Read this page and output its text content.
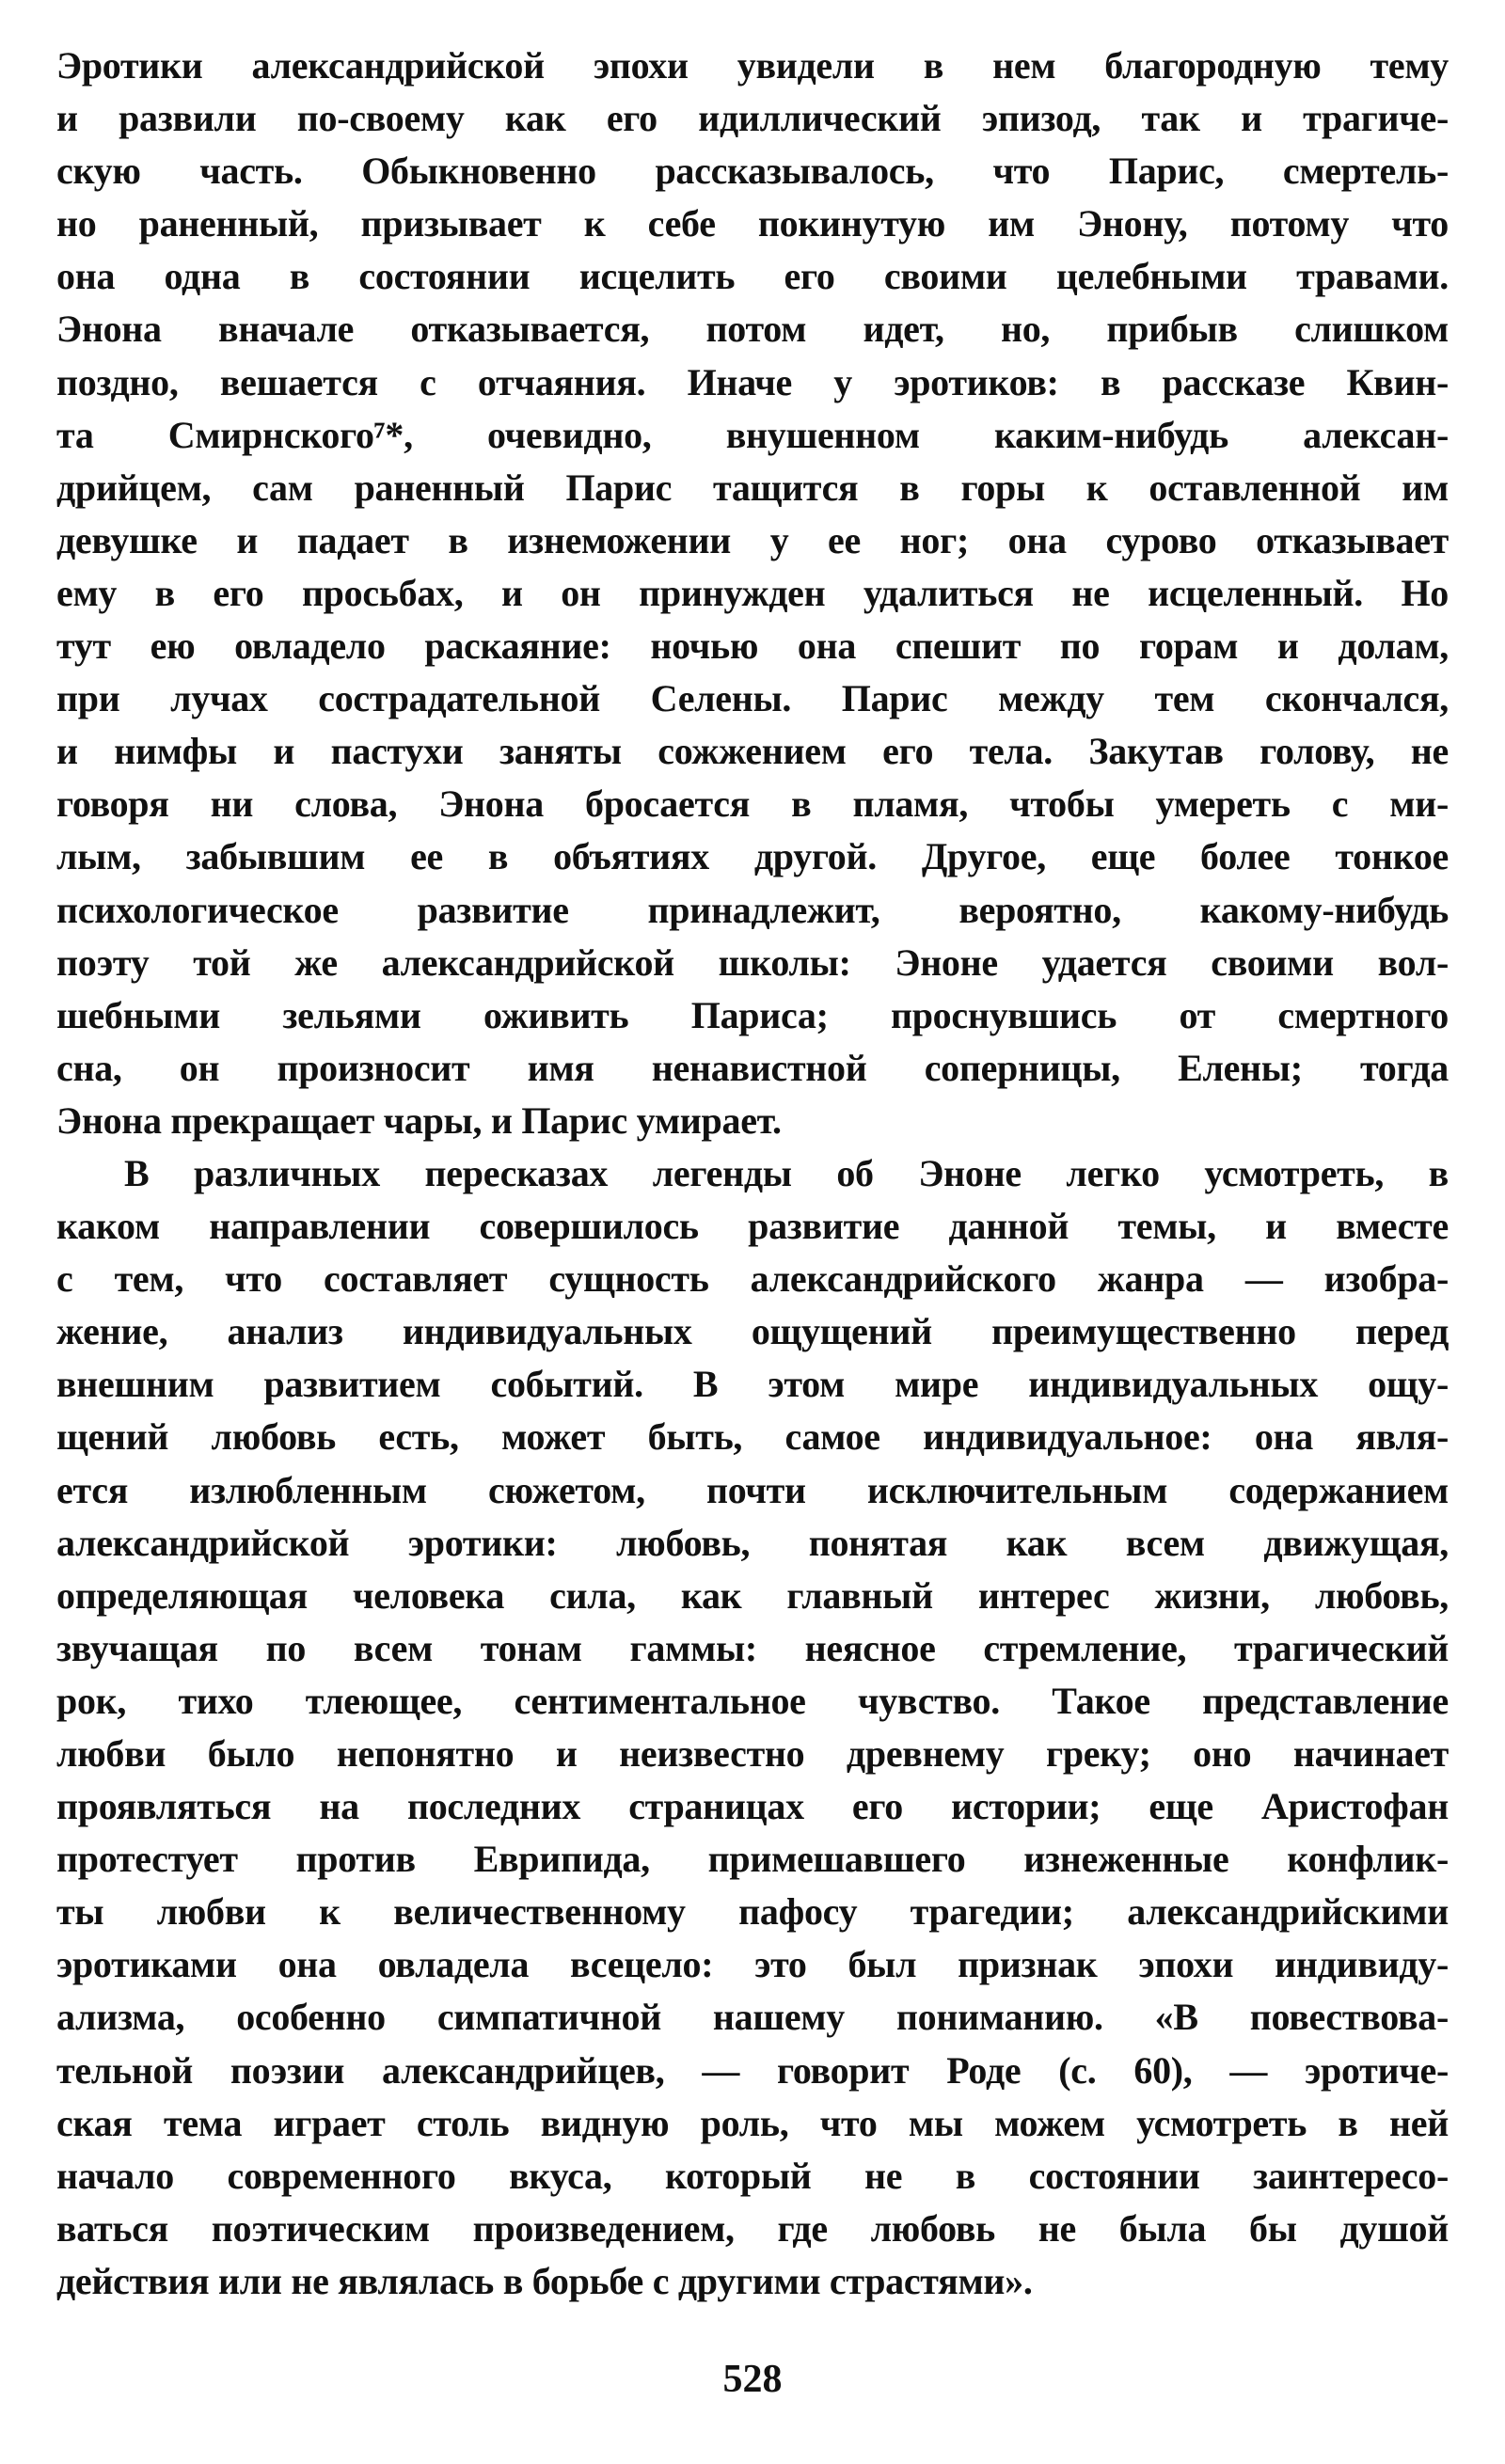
Эротики александрийской эпохи увидели в нем благородную тему
и развили по-своему как его идиллический эпизод, так и трагиче-
скую часть. Обыкновенно рассказывалось, что Парис, смертель-
но раненный, призывает к себе покинутую им Энону, потому что
она одна в состоянии исцелить его своими целебными травами.
Энона вначале отказывается, потом идет, но, прибыв слишком
поздно, вешается с отчаяния. Иначе у эротиков: в рассказе Квин-
та Смирнского⁷*, очевидно, внушенном каким-нибудь алексан-
дрийцем, сам раненный Парис тащится в горы к оставленной им
девушке и падает в изнеможении у ее ног; она сурово отказывает
ему в его просьбах, и он принужден удалиться не исцеленный. Но
тут ею овладело раскаяние: ночью она спешит по горам и долам,
при лучах сострадательной Селены. Парис между тем скончался,
и нимфы и пастухи заняты сожжением его тела. Закутав голову, не
говоря ни слова, Энона бросается в пламя, чтобы умереть с ми-
лым, забывшим ее в объятиях другой. Другое, еще более тонкое
психологическое развитие принадлежит, вероятно, какому-нибудь
поэту той же александрийской школы: Эноне удается своими вол-
шебными зельями оживить Париса; проснувшись от смертного
сна, он произносит имя ненавистной соперницы, Елены; тогда
Энона прекращает чары, и Парис умирает.
В различных пересказах легенды об Эноне легко усмотреть, в
каком направлении совершилось развитие данной темы, и вместе
с тем, что составляет сущность александрийского жанра — изобра-
жение, анализ индивидуальных ощущений преимущественно перед
внешним развитием событий. В этом мире индивидуальных ощу-
щений любовь есть, может быть, самое индивидуальное: она явля-
ется излюбленным сюжетом, почти исключительным содержанием
александрийской эротики: любовь, понятая как всем движущая,
определяющая человека сила, как главный интерес жизни, любовь,
звучащая по всем тонам гаммы: неясное стремление, трагический
рок, тихо тлеющее, сентиментальное чувство. Такое представление
любви было непонятно и неизвестно древнему греку; оно начинает
проявляться на последних страницах его истории; еще Аристофан
протестует против Еврипида, примешавшего изнеженные конфлик-
ты любви к величественному пафосу трагедии; александрийскими
эротиками она овладела всецело: это был признак эпохи индивиду-
ализма, особенно симпатичной нашему пониманию. «В повествова-
тельной поэзии александрийцев, — говорит Роде (с. 60), — эротиче-
ская тема играет столь видную роль, что мы можем усмотреть в ней
начало современного вкуса, который не в состоянии заинтересо-
ваться поэтическим произведением, где любовь не была бы душой
действия или не являлась в борьбе с другими страстями».
528
